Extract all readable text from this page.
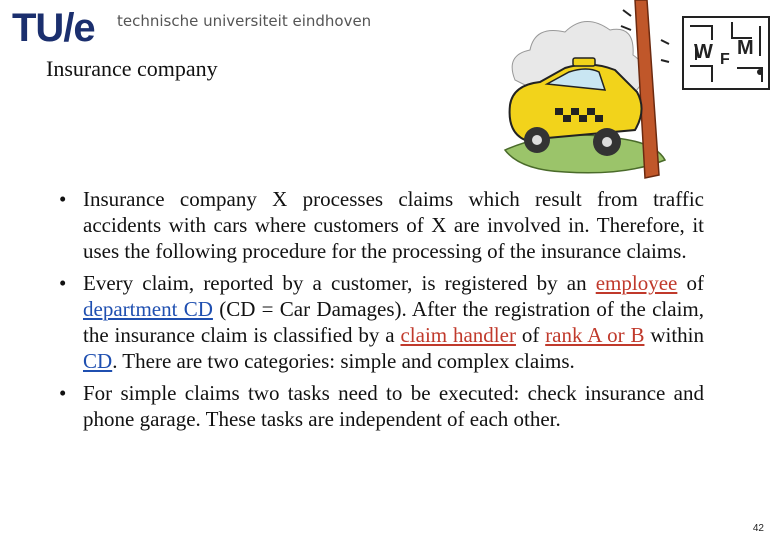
TU/e technische universiteit eindhoven
Insurance company
W F
M

• Insurance company X processes claims which result from traffic accidents with cars where customers of X are involved in. Therefore, it uses the following procedure for the processing of the insurance claims.

• Every claim, reported by a customer, is registered by an employee of department CD (CD = Car Damages). After the registration of the claim, the insurance claim is classified by a claim handler of rank A or B within CD. There are two categories: simple and complex claims.

• For simple claims two tasks need to be executed: check insurance and phone garage. These tasks are independent of each other.

42
